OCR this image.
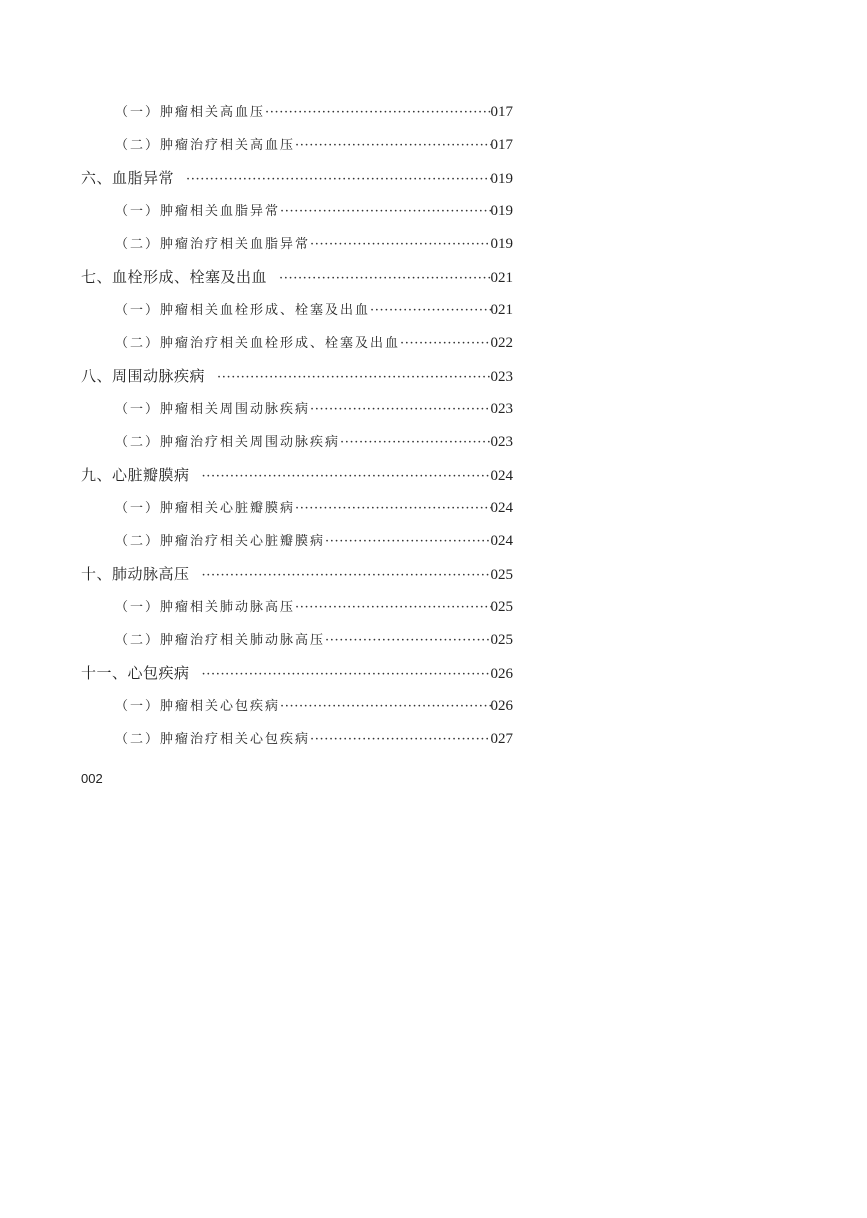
（一）肿瘤相关高血压 ·····	017
（二）肿瘤治疗相关高血压 ·····	017
六、血脂异常 ·····	019
（一）肿瘤相关血脂异常 ·····	019
（二）肿瘤治疗相关血脂异常 ·····	019
七、血栓形成、栓塞及出血 ·····	021
（一）肿瘤相关血栓形成、栓塞及出血 ·····	021
（二）肿瘤治疗相关血栓形成、栓塞及出血 ·····	022
八、周围动脉疾病 ·····	023
（一）肿瘤相关周围动脉疾病 ·····	023
（二）肿瘤治疗相关周围动脉疾病 ·····	023
九、心脏瓣膜病 ·····	024
（一）肿瘤相关心脏瓣膜病 ·····	024
（二）肿瘤治疗相关心脏瓣膜病 ·····	024
十、肺动脉高压 ·····	025
（一）肿瘤相关肺动脉高压 ·····	025
（二）肿瘤治疗相关肺动脉高压 ·····	025
十一、心包疾病 ·····	026
（一）肿瘤相关心包疾病 ·····	026
（二）肿瘤治疗相关心包疾病 ·····	027
002
